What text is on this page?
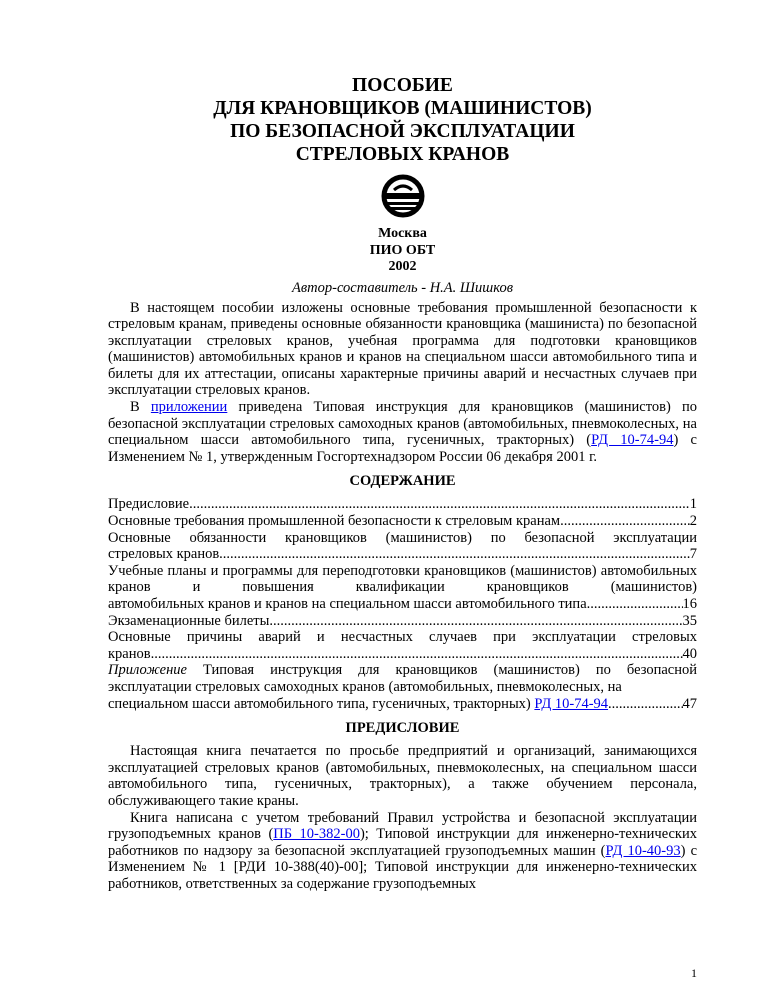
ПОСОБИЕ
ДЛЯ КРАНОВЩИКОВ (МАШИНИСТОВ)
ПО БЕЗОПАСНОЙ ЭКСПЛУАТАЦИИ
СТРЕЛОВЫХ КРАНОВ
Москва
ПИО ОБТ
2002
Автор-составитель - Н.А. Шишков

В настоящем пособии изложены основные требования промышленной безопасности к стреловым кранам, приведены основные обязанности крановщика (машиниста) по безопасной эксплуатации стреловых кранов, учебная программа для подготовки крановщиков (машинистов) автомобильных кранов и кранов на специальном шасси автомобильного типа и билеты для их аттестации, описаны характерные причины аварий и несчастных случаев при эксплуатации стреловых кранов.

В приложении приведена Типовая инструкция для крановщиков (машинистов) по безопасной эксплуатации стреловых самоходных кранов (автомобильных, пневмоколесных, на специальном шасси автомобильного типа, гусеничных, тракторных) (РД 10-74-94) с Изменением № 1, утвержденным Госгортехнадзором России 06 декабря 2001 г.

СОДЕРЖАНИЕ
Предисловие .....	1
Основные требования промышленной безопасности к стреловым кранам .....	2
Основные обязанности крановщиков (машинистов) по безопасной эксплуатации
стреловых кранов .....	7
Учебные планы и программы для переподготовки крановщиков (машинистов) автомобильных кранов и повышения квалификации крановщиков (машинистов)
автомобильных кранов и кранов на специальном шасси автомобильного типа .....	16
Экзаменационные билеты .....	35
Основные причины аварий и несчастных случаев при эксплуатации стреловых
кранов .....	40
Приложение Типовая инструкция для крановщиков (машинистов) по безопасной эксплуатации стреловых самоходных кранов (автомобильных, пневмоколесных, на
специальном шасси автомобильного типа, гусеничных, тракторных) РД 10-74-94 .....	47
ПРЕДИСЛОВИЕ

Настоящая книга печатается по просьбе предприятий и организаций, занимающихся эксплуатацией стреловых кранов (автомобильных, пневмоколесных, на специальном шасси автомобильного типа, гусеничных, тракторных), а также обучением персонала, обслуживающего такие краны.

Книга написана с учетом требований Правил устройства и безопасной эксплуатации грузоподъемных кранов (ПБ 10-382-00); Типовой инструкции для инженерно-технических работников по надзору за безопасной эксплуатацией грузоподъемных машин (РД 10-40-93) с Изменением № 1 [РДИ 10-388(40)-00]; Типовой инструкции для инженерно-технических работников, ответственных за содержание грузоподъемных

1
